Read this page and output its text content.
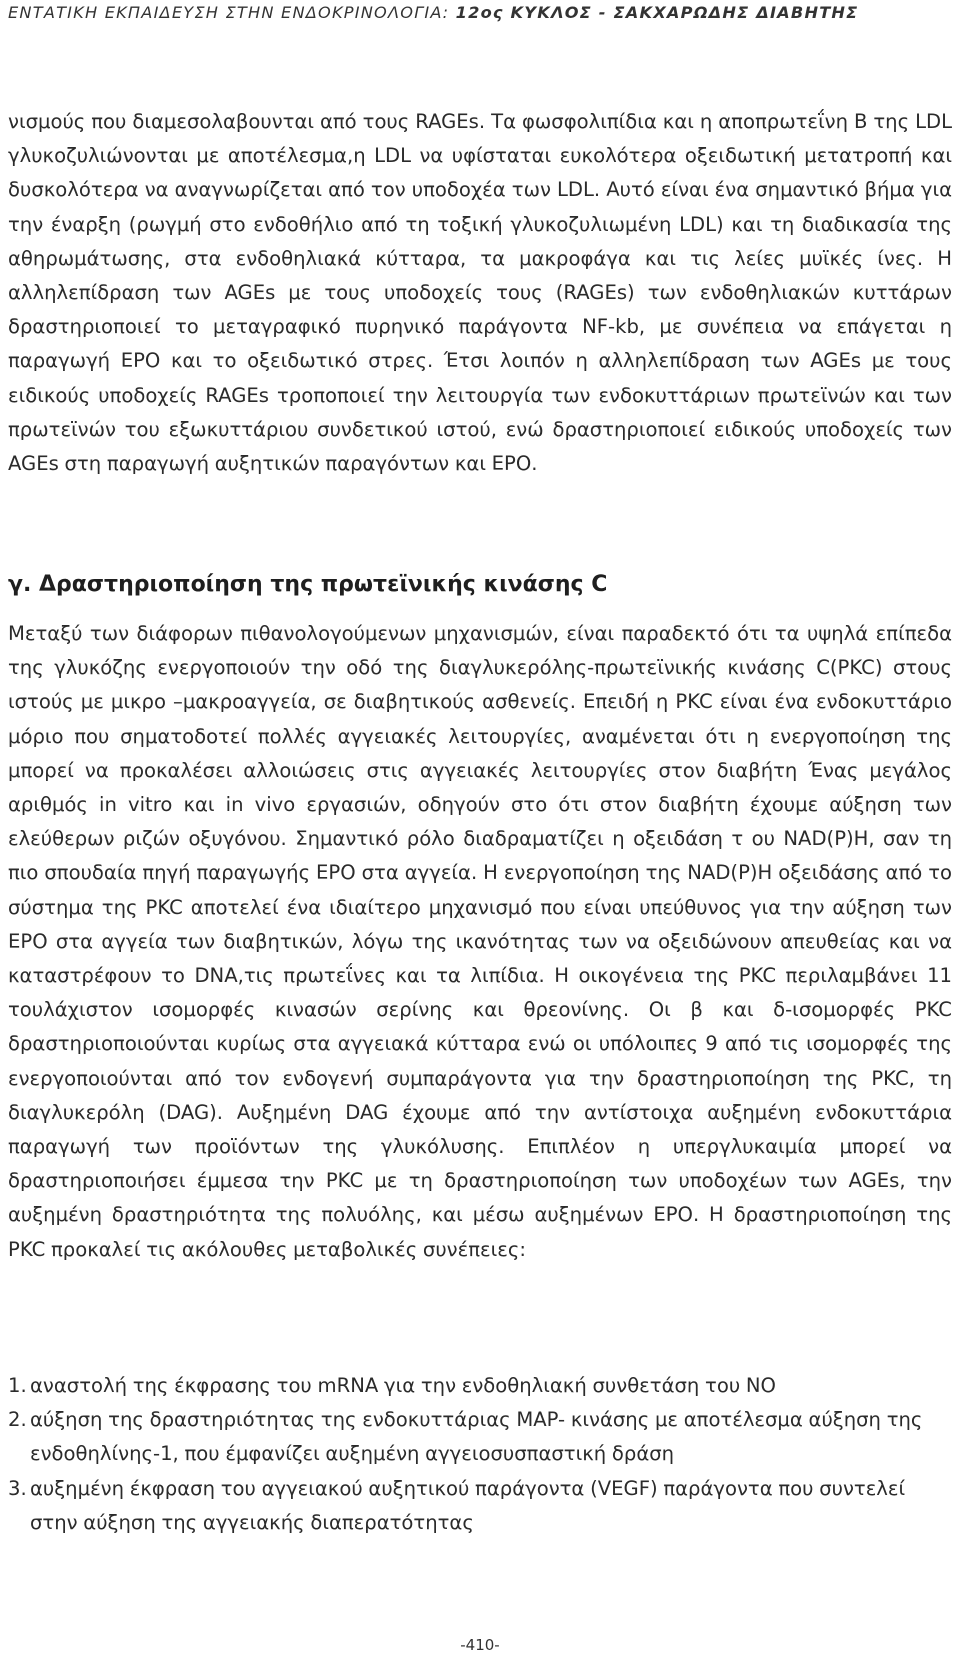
ΕΝΤΑΤΙΚΗ ΕΚΠΑΙΔΕΥΣΗ ΣΤΗΝ ΕΝΔΟΚΡΙΝΟΛΟΓΙΑ: 12ος ΚΥΚΛΟΣ - ΣΑΚΧΑΡΩΔΗΣ ΔΙΑΒΗΤΗΣ
νισμούς που διαμεσολαβουνται από τους RAGEs. Τα φωσφολιπίδια και η αποπρωτεΐνη Β της LDL γλυκοζυλιώνονται με αποτέλεσμα,η LDL να υφίσταται ευκολότερα οξειδωτική μετατροπή και δυσκολότερα να αναγνωρίζεται από τον υποδοχέα των LDL. Αυτό είναι ένα σημαντικό βήμα για την έναρξη (ρωγμή στο ενδοθήλιο από τη τοξική γλυκοζυλιωμένη LDL) και τη διαδικασία της αθηρωμάτωσης, στα ενδοθηλιακά κύτταρα, τα μακροφάγα και τις λείες μυϊκές ίνες. Η αλληλεπίδραση των AGEs με τους υποδοχείς τους (RAGEs) των ενδοθηλιακών κυττάρων δραστηριοποιεί το μεταγραφικό πυρηνικό παράγοντα NF-kb, με συνέπεια να επάγεται η παραγωγή ΕΡΟ και το οξειδωτικό στρες. Έτσι λοιπόν η αλληλεπίδραση των AGEs με τους ειδικούς υποδοχείς RAGEs τροποποιεί την λειτουργία των ενδοκυττάριων πρωτεϊνών και των πρωτεϊνών του εξωκυττάριου συνδετικού ιστού, ενώ δραστηριοποιεί ειδικούς υποδοχείς των AGEs στη παραγωγή αυξητικών παραγόντων και ΕΡΟ.
γ. Δραστηριοποίηση της πρωτεϊνικής κινάσης C
Μεταξύ των διάφορων πιθανολογούμενων μηχανισμών, είναι παραδεκτό ότι τα υψηλά επίπεδα της γλυκόζης ενεργοποιούν την οδό της διαγλυκερόλης-πρωτεϊνικής κινάσης C(PKC) στους ιστούς με μικρο –μακροαγγεία, σε διαβητικούς ασθενείς. Επειδή η PKC είναι ένα ενδοκυττάριο μόριο που σηματοδοτεί πολλές αγγειακές λειτουργίες, αναμένεται ότι η ενεργοποίηση της μπορεί να προκαλέσει αλλοιώσεις στις αγγειακές λειτουργίες στον διαβήτη Ένας μεγάλος αριθμός in vitro και in vivo εργασιών, οδηγούν στο ότι στον διαβήτη έχουμε αύξηση των ελεύθερων ριζών οξυγόνου. Σημαντικό ρόλο διαδραματίζει η οξειδάση τ ου NAD(P)H, σαν τη πιο σπουδαία πηγή παραγωγής ΕΡΟ στα αγγεία. Η ενεργοποίηση της NAD(P)H οξειδάσης από το σύστημα της PKC αποτελεί ένα ιδιαίτερο μηχανισμό που είναι υπεύθυνος για την αύξηση των ΕΡΟ στα αγγεία των διαβητικών, λόγω της ικανότητας των να οξειδώνουν απευθείας και να καταστρέφουν το DNA,τις πρωτεΐνες και τα λιπίδια. Η οικογένεια της PKC περιλαμβάνει 11 τουλάχιστον ισομορφές κινασών σερίνης και θρεονίνης. Οι β και δ-ισομορφές PKC δραστηριοποιούνται κυρίως στα αγγειακά κύτταρα ενώ οι υπόλοιπες 9 από τις ισομορφές της ενεργοποιούνται από τον ενδογενή συμπαράγοντα για την δραστηριοποίηση της PKC, τη διαγλυκερόλη (DAG). Αυξημένη DAG έχουμε από την αντίστοιχα αυξημένη ενδοκυττάρια παραγωγή των προϊόντων της γλυκόλυσης. Επιπλέον η υπεργλυκαιμία μπορεί να δραστηριοποιήσει έμμεσα την PKC με τη δραστηριοποίηση των υποδοχέων των AGEs, την αυξημένη δραστηριότητα της πολυόλης, και μέσω αυξημένων ΕΡΟ. Η δραστηριοποίηση της PKC προκαλεί τις ακόλουθες μεταβολικές συνέπειες:
1. αναστολή της έκφρασης του mRNA για την ενδοθηλιακή συνθετάση του ΝΟ
2. αύξηση της δραστηριότητας της ενδοκυττάριας MAP- κινάσης με αποτέλεσμα αύξηση της ενδοθηλίνης-1, που έμφανίζει αυξημένη αγγειοσυσπαστική δράση
3. αυξημένη έκφραση του αγγειακού αυξητικού παράγοντα (VEGF) παράγοντα που συντελεί στην αύξηση της αγγειακής διαπερατότητας
-410-
